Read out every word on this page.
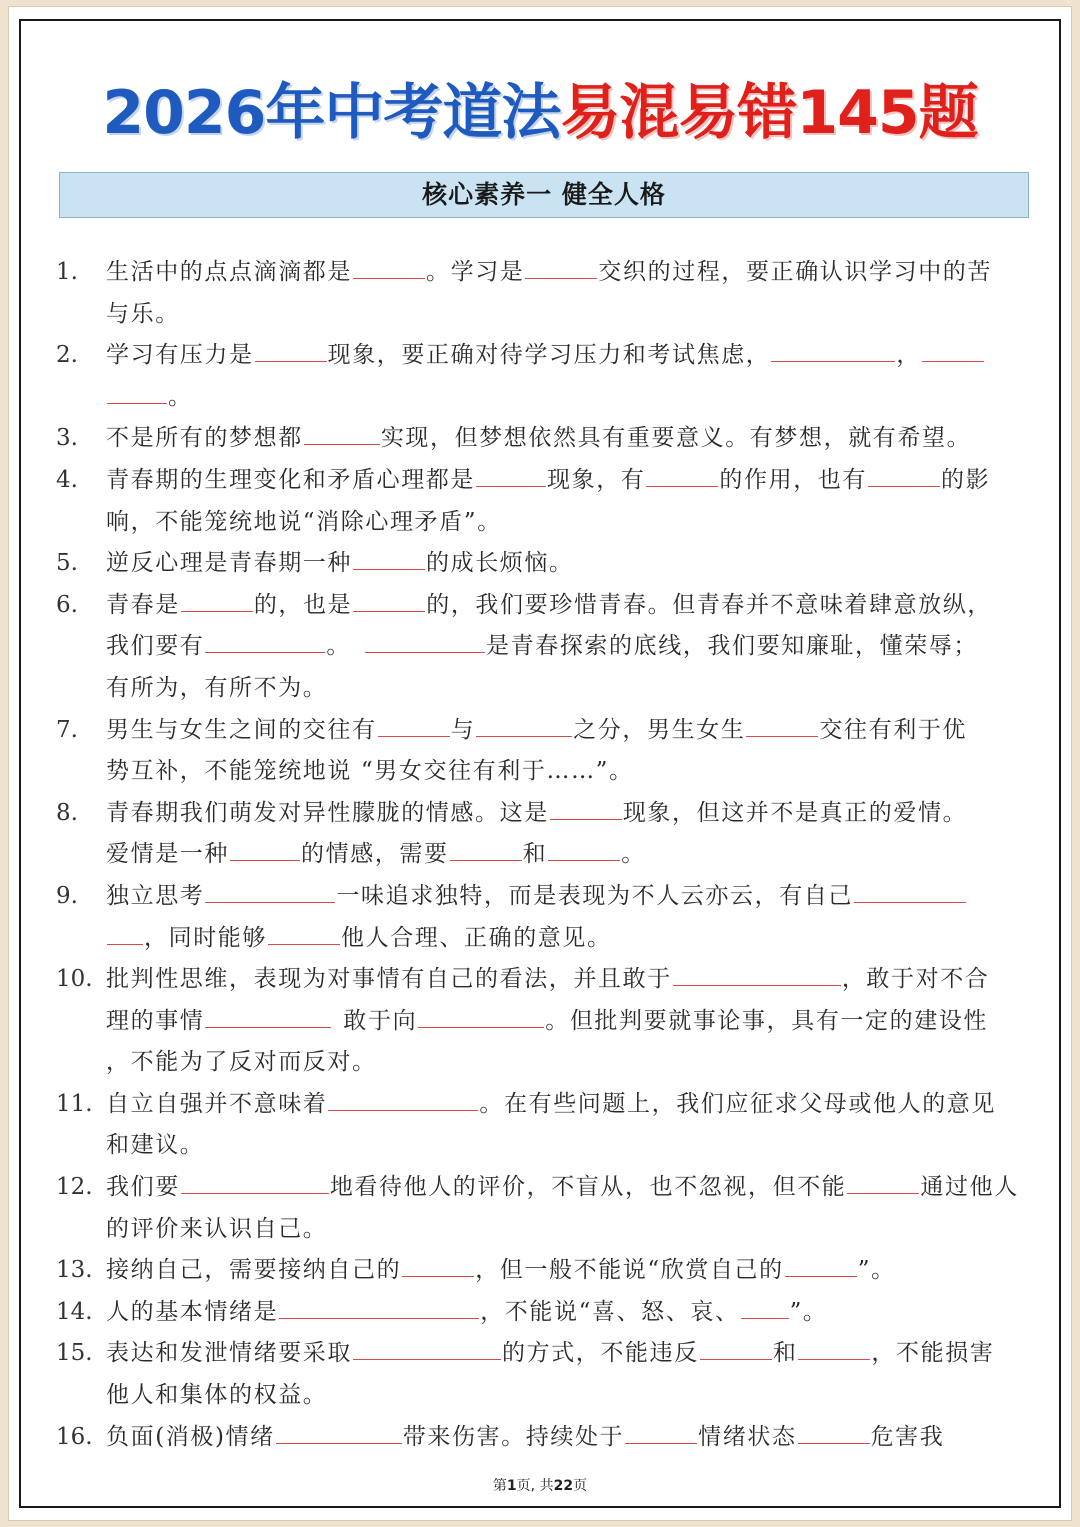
2026年中考道法易混易错145题
核心素养一 健全人格
1.	生活中的点点滴滴都是	。学习是	交织的过程，要正确认识学习中的苦
与乐。
2.	学习有压力是	现象，要正确对待学习压力和考试焦虑，	，
。
3.	不是所有的梦想都	实现，但梦想依然具有重要意义。有梦想，就有希望。
4.	青春期的生理变化和矛盾心理都是	现象，有	的作用，也有	的影
响，不能笼统地说“消除心理矛盾”。
5.	逆反心理是青春期一种	的成长烦恼。
6.	青春是	的，也是	的，我们要珍惜青春。但青春并不意味着肆意放纵，
我们要有	。	是青春探索的底线，我们要知廉耻，懂荣辱；
有所为，有所不为。
7.	男生与女生之间的交往有	与	之分，男生女生	交往有利于优
势互补，不能笼统地说 “男女交往有利于……”。
8.	青春期我们萌发对异性朦胧的情感。这是	现象，但这并不是真正的爱情。
爱情是一种	的情感，需要	和	。
9.	独立思考	一味追求独特，而是表现为不人云亦云，有自己
，同时能够	他人合理、正确的意见。
10. 批判性思维，表现为对事情有自己的看法，并且敢于	，敢于对不合
理的事情	敢于向	。但批判要就事论事，具有一定的建设性
，不能为了反对而反对。
11. 自立自强并不意味着	。在有些问题上，我们应征求父母或他人的意见
和建议。
12. 我们要	地看待他人的评价，不盲从，也不忽视，但不能	通过他人
的评价来认识自己。
13. 接纳自己，需要接纳自己的	，但一般不能说“欣赏自己的	”。
14. 人的基本情绪是	，不能说“喜、怒、哀、 ”。
15. 表达和发泄情绪要采取	的方式，不能违反	和	，不能损害
他人和集体的权益。
16. 负面(消极)情绪	带来伤害。持续处于	情绪状态	危害我
第1页, 共22页
